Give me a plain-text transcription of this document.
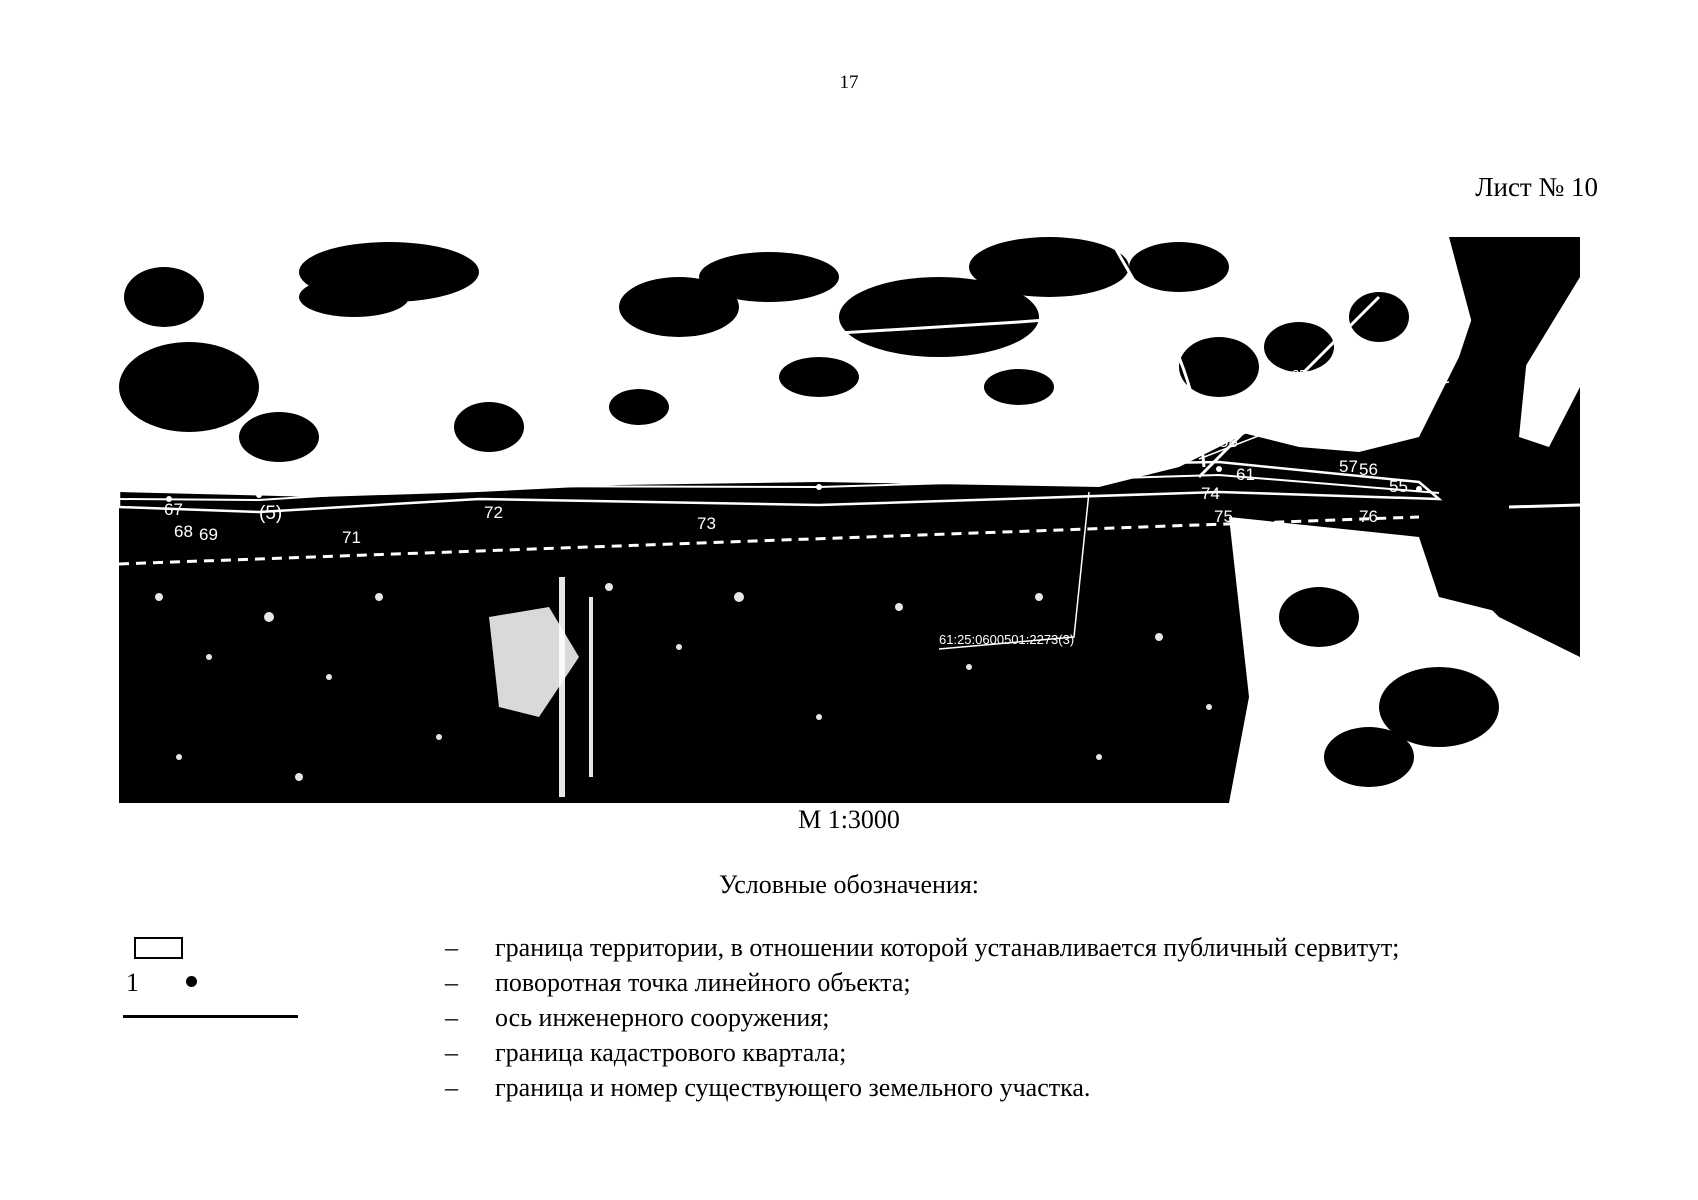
17
Лист № 10
66
67
68 69
65
64	63
58
61	57 56
55
(5)
61:25:0600501:2479(2)
61:25:0600501:2273(3)
71
72
73
74
75	76
М 1:3000
Условные обозначения:
1
–	граница территории, в отношении которой устанавливается публичный сервитут;
–	поворотная точка линейного объекта;
–	ось инженерного сооружения;
–	граница кадастрового квартала;
–	граница и номер существующего земельного участка.
